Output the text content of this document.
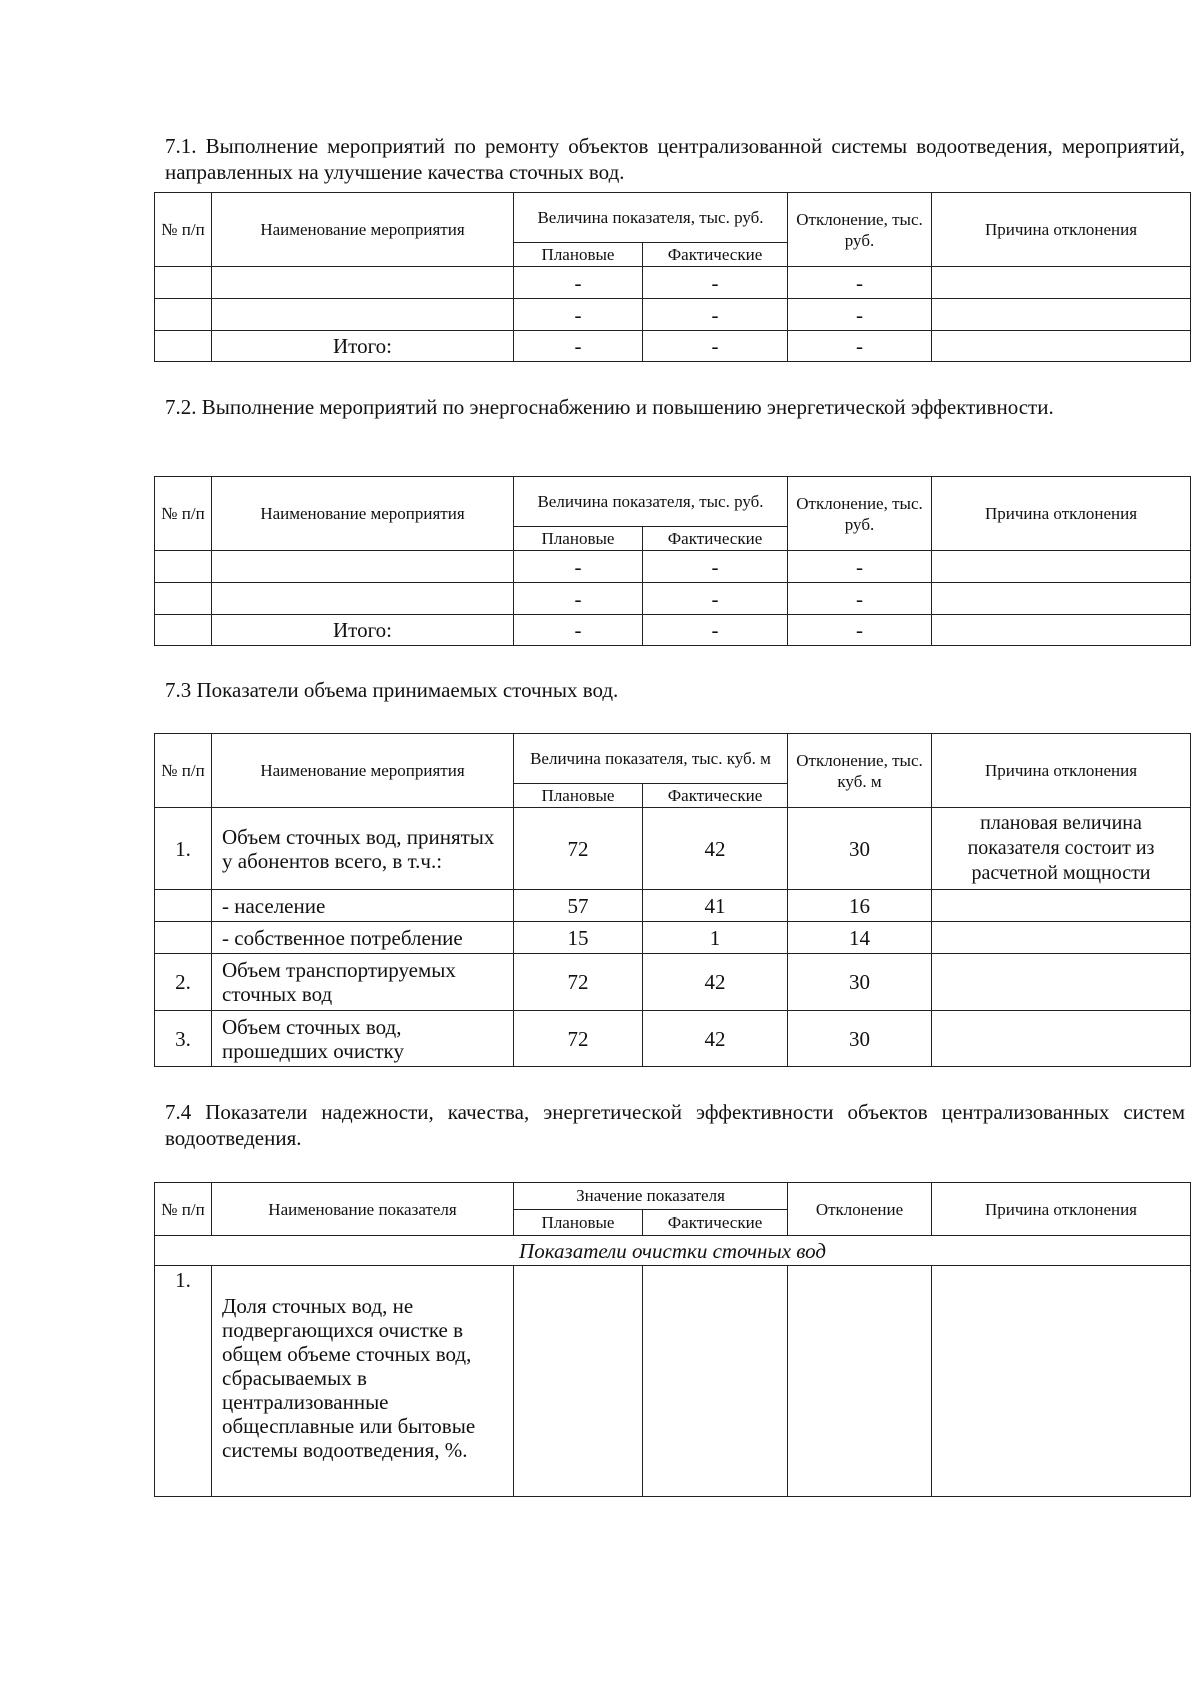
7.1. Выполнение мероприятий по ремонту объектов централизованной системы водоотведения, мероприятий, направленных на улучшение качества сточных вод.
№ п/п	Наименование мероприятия	Величина показателя, тыс. руб.		Отклонение, тыс. руб.	Причина отклонения
		Плановые	Фактические		
		-	-	-	
		-	-	-	
	Итого:	-	-	-	
7.2. Выполнение мероприятий по энергоснабжению и повышению энергетической эффективности.
№ п/п	Наименование мероприятия	Величина показателя, тыс. руб.		Отклонение, тыс. руб.	Причина отклонения
		Плановые	Фактические		
		-	-	-	
		-	-	-	
	Итого:	-	-	-	
7.3 Показатели объема принимаемых сточных вод.
№ п/п	Наименование мероприятия	Величина показателя, тыс. куб. м		Отклонение, тыс. куб. м	Причина отклонения
		Плановые	Фактические		
1.	Объем сточных вод, принятых у абонентов всего, в т.ч.:	72	42	30	плановая величина показателя состоит из расчетной мощности
	- население	57	41	16	
	- собственное потребление	15	1	14	
2.	Объем транспортируемых сточных вод	72	42	30	
3.	Объем сточных вод, прошедших очистку	72	42	30	
7.4 Показатели надежности, качества, энергетической эффективности объектов централизованных систем водоотведения.
№ п/п	Наименование показателя	Значение показателя		Отклонение	Причина отклонения
		Плановые	Фактические		
Показатели очистки сточных вод					
1.	Доля сточных вод, не подвергающихся очистке в общем объеме сточных вод, сбрасываемых в централизованные общесплавные или бытовые системы водоотведения, %.				
